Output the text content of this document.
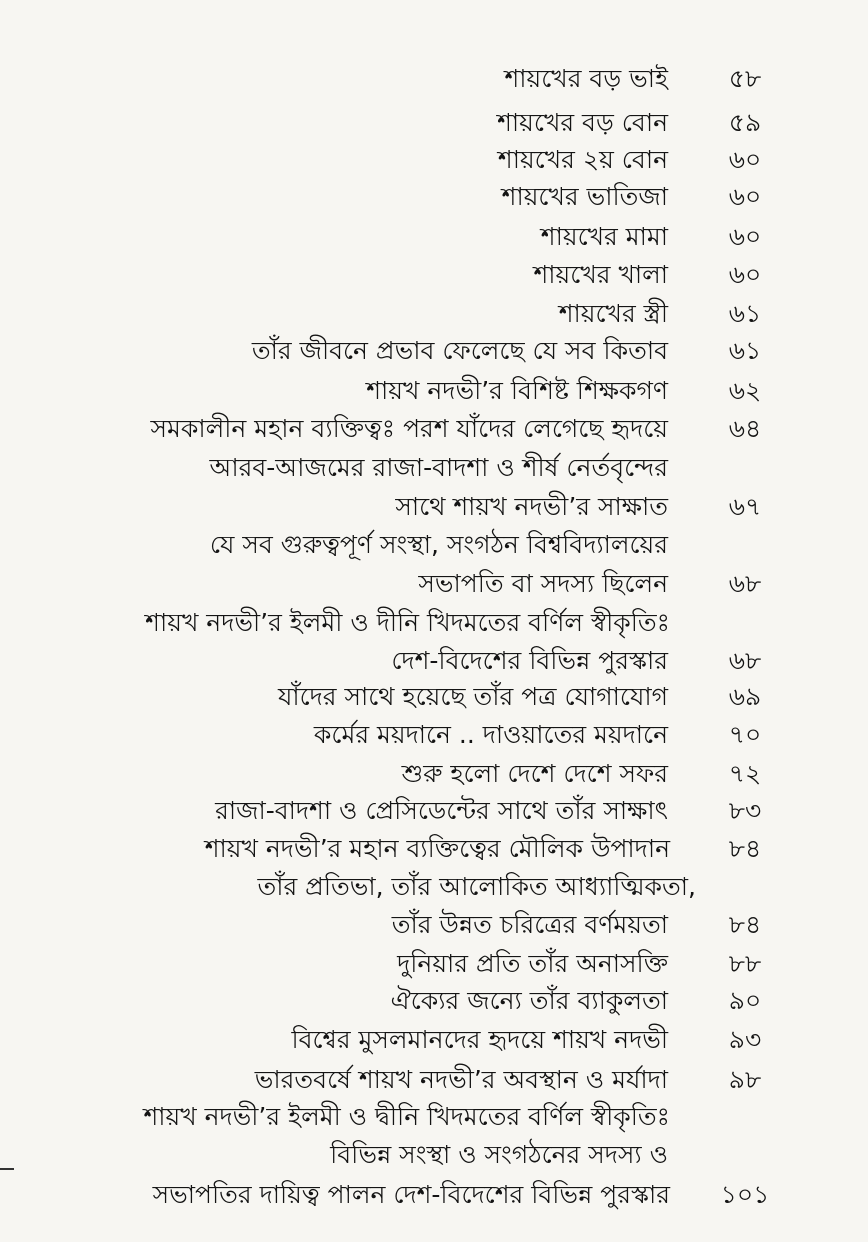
শায়খের বড় ভাই	৫৮
শায়খের বড় বোন	৫৯
শায়খের ২য় বোন	৬০
শায়খের ভাতিজা	৬০
শায়খের মামা	৬০
শায়খের খালা	৬০
শায়খের স্ত্রী	৬১
তাঁর জীবনে প্রভাব ফেলেছে যে সব কিতাব	৬১
শায়খ নদভী’র বিশিষ্ট শিক্ষকগণ	৬২
সমকালীন মহান ব্যক্তিত্বঃ পরশ যাঁদের লেগেছে হৃদয়ে	৬৪
আরব-আজমের রাজা-বাদশা ও শীর্ষ নের্তবৃন্দের
সাথে শায়খ নদভী’র সাক্ষাত	৬৭
যে সব গুরুত্বপূর্ণ সংস্থা, সংগঠন বিশ্ববিদ্যালয়ের
সভাপতি বা সদস্য ছিলেন	৬৮
শায়খ নদভী’র ইলমী ও দীনি খিদমতের বর্ণিল স্বীকৃতিঃ
দেশ-বিদেশের বিভিন্ন পুরস্কার	৬৮
যাঁদের সাথে হয়েছে তাঁর পত্র যোগাযোগ	৬৯
কর্মের ময়দানে .. দাওয়াতের ময়দানে	৭০
শুরু হলো দেশে দেশে সফর	৭২
রাজা-বাদশা ও প্রেসিডেন্টের সাথে তাঁর সাক্ষাৎ	৮৩
শায়খ নদভী’র মহান ব্যক্তিত্বের মৌলিক উপাদান	৮৪
তাঁর প্রতিভা, তাঁর আলোকিত আধ্যাত্মিকতা,
তাঁর উন্নত চরিত্রের বর্ণময়তা	৮৪
দুনিয়ার প্রতি তাঁর অনাসক্তি	৮৮
ঐক্যের জন্যে তাঁর ব্যাকুলতা	৯০
বিশ্বের মুসলমানদের হৃদয়ে শায়খ নদভী	৯৩
ভারতবর্ষে শায়খ নদভী’র অবস্থান ও মর্যাদা	৯৮
শায়খ নদভী’র ইলমী ও দ্বীনি খিদমতের বর্ণিল স্বীকৃতিঃ
বিভিন্ন সংস্থা ও সংগঠনের সদস্য ও
সভাপতির দায়িত্ব পালন দেশ-বিদেশের বিভিন্ন পুরস্কার	১০১
